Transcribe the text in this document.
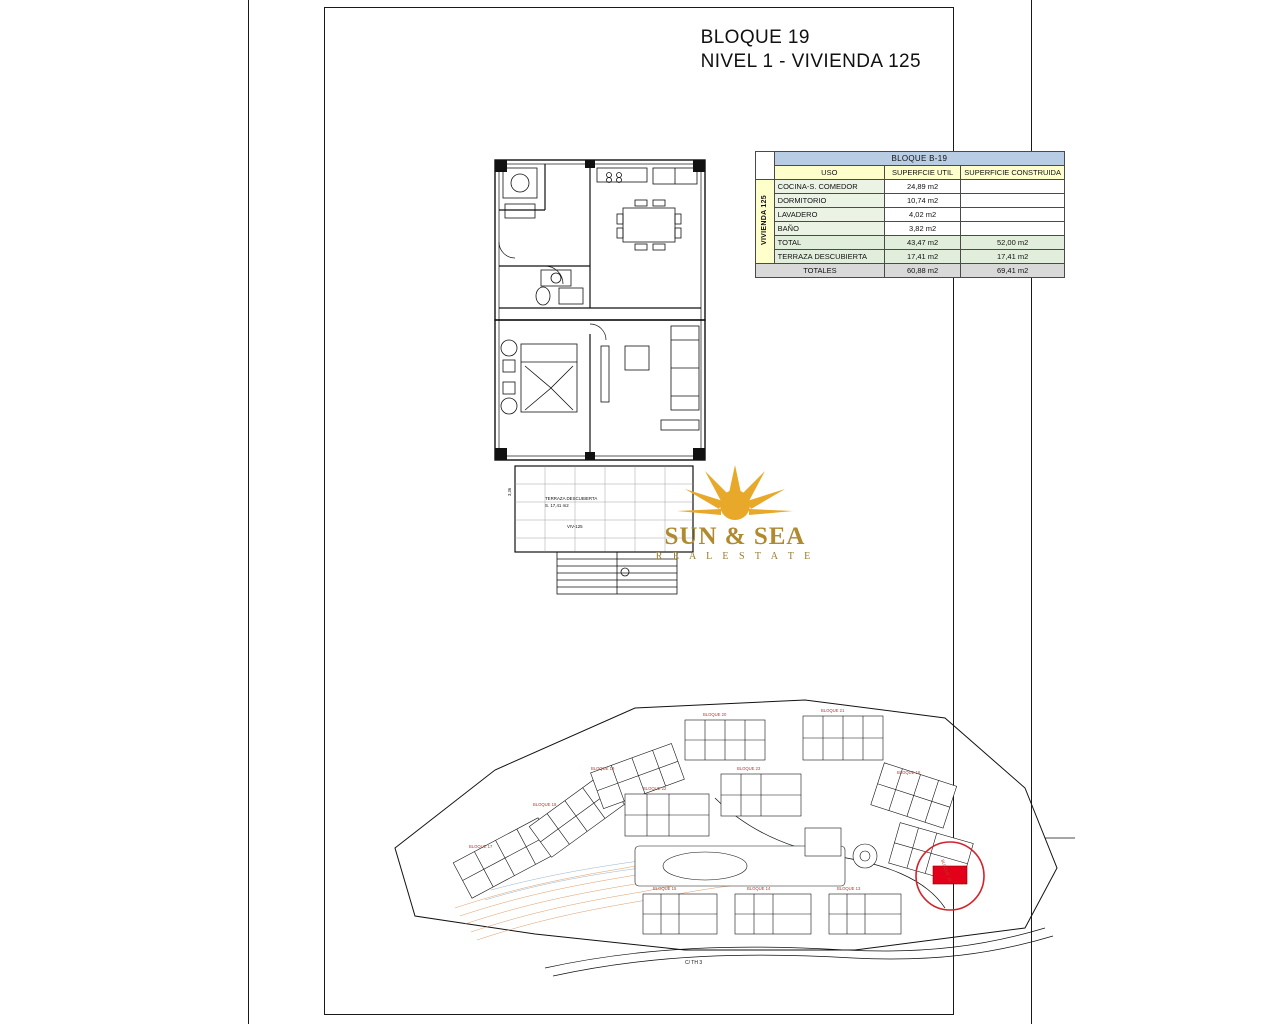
BLOQUE 19
NIVEL 1 - VIVIENDA 125
	BLOQUE B-19		
	USO	SUPERFCIE UTIL	SUPERFICIE CONSTRUIDA
VIVIENDA 125	COCINA-S. COMEDOR	24,89 m2	
	DORMITORIO	10,74 m2	
	LAVADERO	4,02 m2	
	BAÑO	3,82 m2	
	TOTAL	43,47 m2	52,00 m2
	TERRAZA DESCUBIERTA	17,41 m2	17,41 m2
TOTALES		60,88 m2	69,41 m2
TERRAZA DESCUBIERTA
S. 17,41 m2
VIV-125
3,36
SUN & SEA
R E A L E S T A T E
C/ TH 3
BLOQUE 20
BLOQUE 21
BLOQUE 22
BLOQUE 23
BLOQUE 19
BLOQUE 18
BLOQUE 17
BLOQUE 16
BLOQUE 15	BLOQUE 14	BLOQUE 13
BLOQUE 19
